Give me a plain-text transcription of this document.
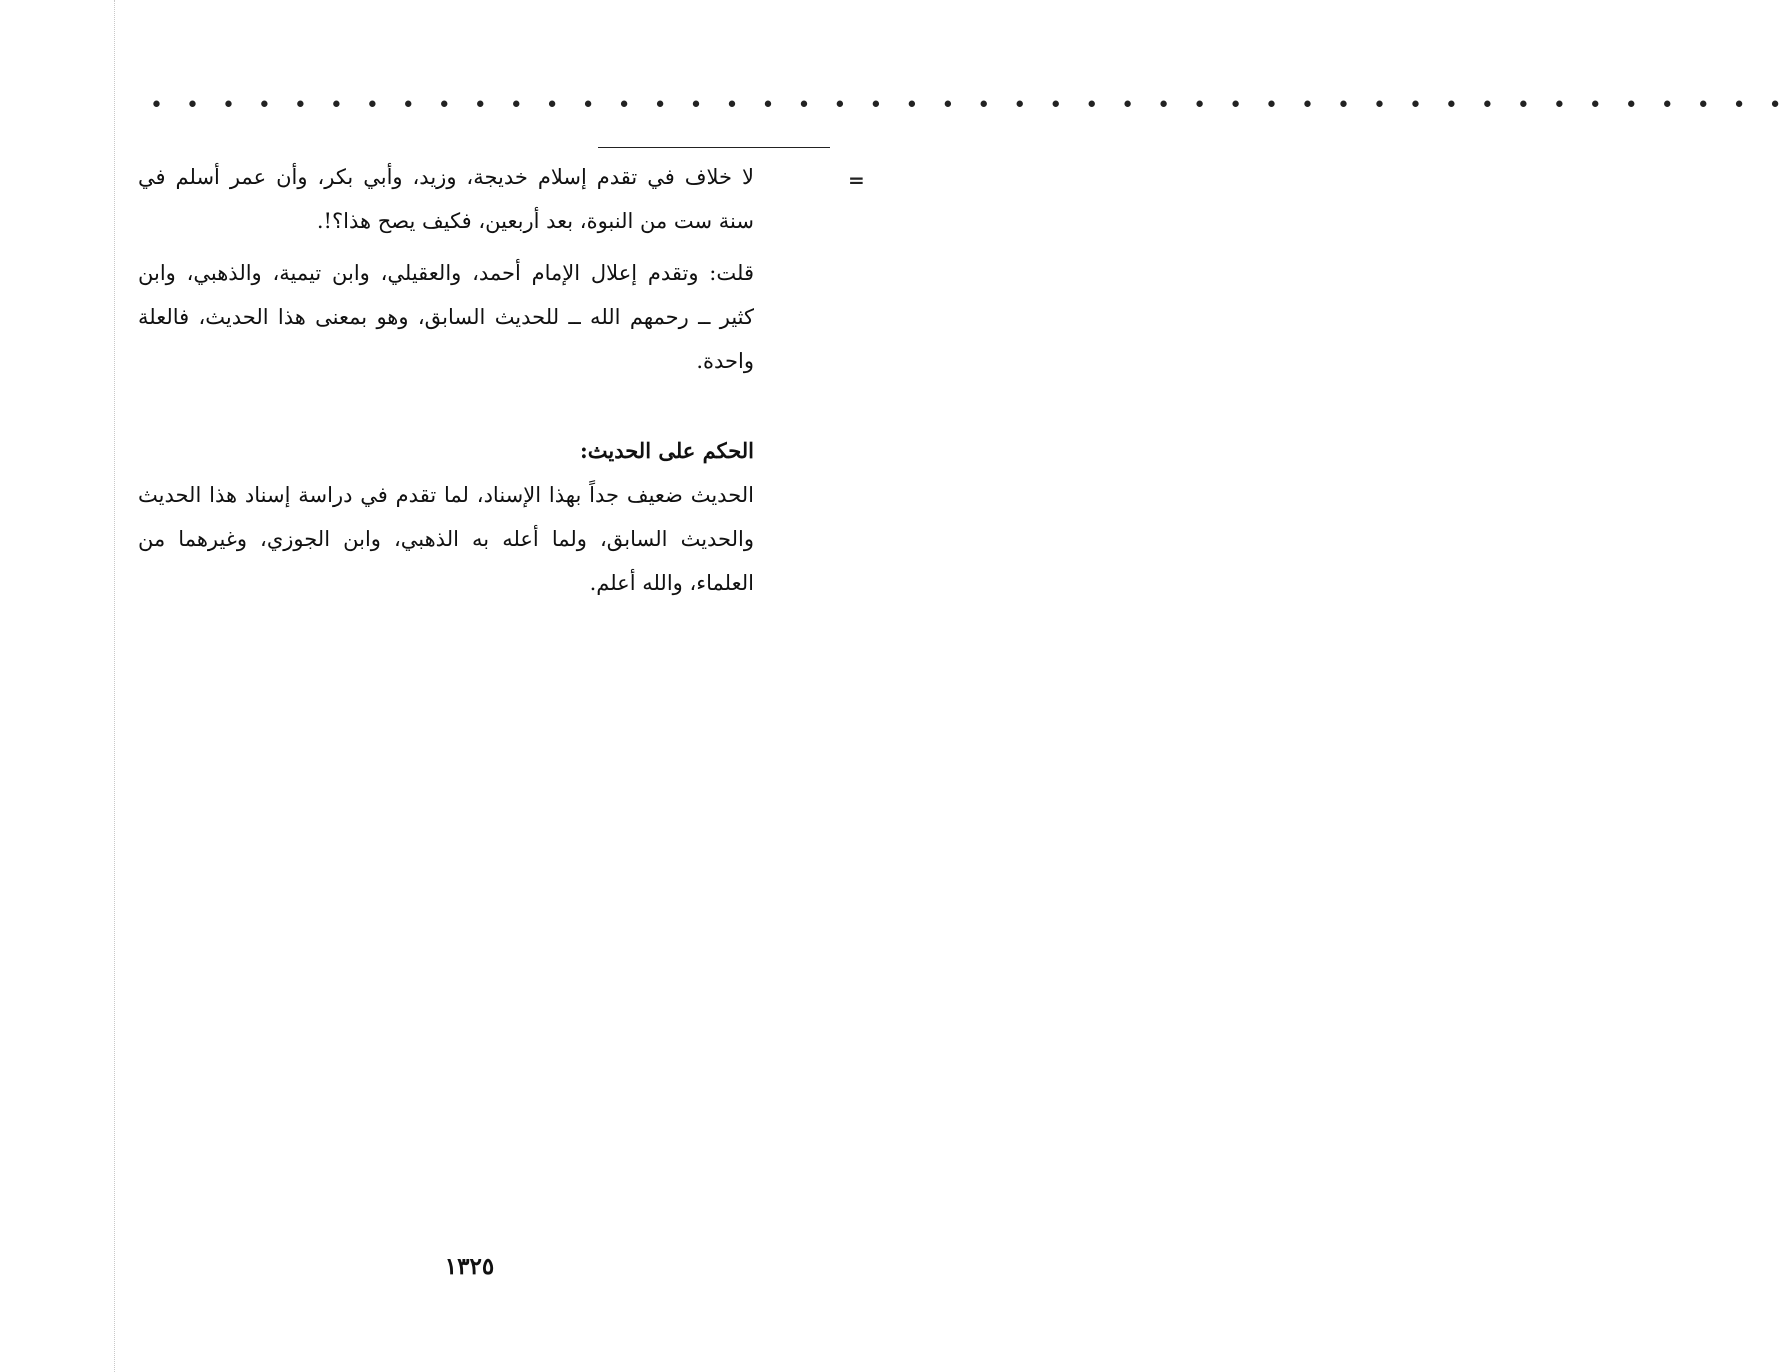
• • • • • • • • • • • • • • • • • • • • • • • • • • • • • • • • • • • • • • • • • • • • • •
=

لا خلاف في تقدم إسلام خديجة، وزيد، وأبي بكر، وأن عمر أسلم في سنة ست من النبوة، بعد أربعين، فكيف يصح هذا؟!.

قلت: وتقدم إعلال الإمام أحمد، والعقيلي، وابن تيمية، والذهبي، وابن كثير ــ رحمهم الله ــ للحديث السابق، وهو بمعنى هذا الحديث، فالعلة واحدة.

الحكم على الحديث:

الحديث ضعيف جداً بهذا الإسناد، لما تقدم في دراسة إسناد هذا الحديث والحديث السابق، ولما أعله به الذهبي، وابن الجوزي، وغيرهما من العلماء، والله أعلم.

١٣٢٥
